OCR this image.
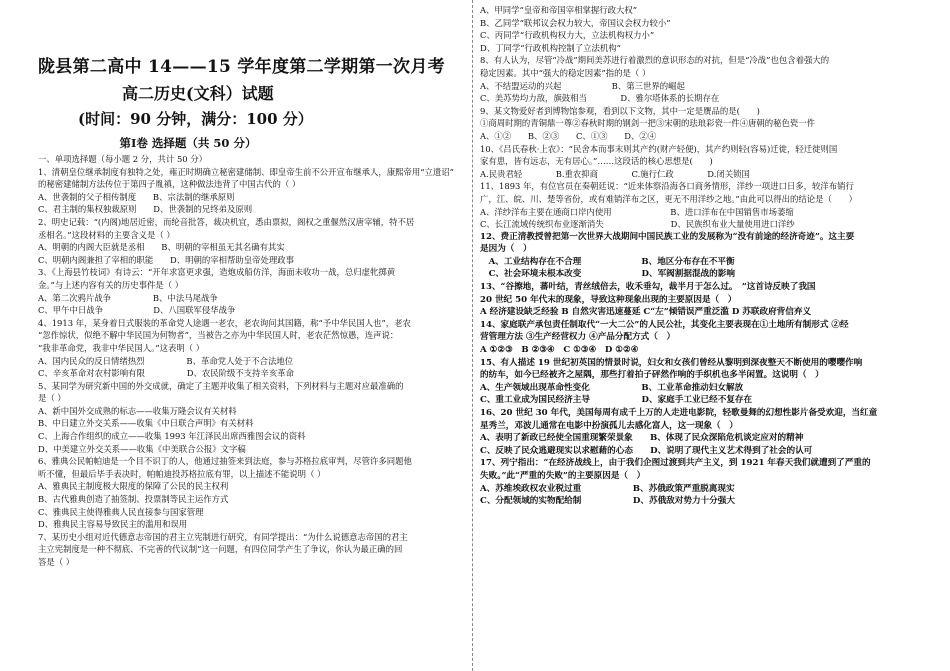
陇县第二高中 14——15 学年度第二学期第一次月考
高二历史(文科）试题
(时间：90 分钟，满分：100 分）
第Ⅰ卷 选择题（共 50 分）
一、单项选择题（每小题 2 分，共计 50 分）
1、清朝皇位继承制度有独特之处，雍正时期确立秘密建储制、即皇帝生前不公开宣布继承人，康熙帝用“立遗诏”
的秘密建储制方法传位于第四子胤禛，这种做法违背了中国古代的（ ）
A、世袭制的父子相传制度　　B、宗法制的继承原则
C、君主制的集权独裁原则　　D、世袭制的兄终弟及原则
2、明史记载：“(内阁)地居近密，而纶音批答，裁决机宜，悉由票拟，阁权之重偃然汉唐宰辅，特不居
丞相名。”这段材料的主要含义是（ ）
A、明朝的内阁大臣就是丞相　　B、明朝的宰相虽无其名确有其实
C、明朝内阁兼担了宰相的职能　　D、明朝的宰相帮助皇帝处理政事
3、《上海县竹枝词》有诗云：“开年求富更求强，造炮成船仿洋，海面未收功一战，总归虚牝掷黄
金。”与上述内容有关的历史事件是（ ）
A、第二次鸦片战争　　　　　B、中法马尾战争
C、甲午中日战争　　　　　　D、八国联军侵华战争
4、1913 年，某身着日式服装的革命党人途遇一老农，老农询问其国籍，称“予中华民国人也”，老农
“忽作惊状，似绝不解中华民国为何物者”，当被告之亦为中华民国人时，老农茫然惊愚，连声说：
“我非革命党，我非中华民国人。”这表明（ ）
A、国内民众的反日情绪热烈　　　　　B、革命党人处于不合法地位
C、辛亥革命对农村影响有限　　　　　D、农民阶级不支持辛亥革命
5、某同学为研究新中国的外交成就，确定了主题并收集了相关资料，下列材料与主题对应最准确的
是（ ）
A、新中国外交成熟的标志——收集万隆会议有关材料
B、中日建立外交关系——收集《中日联合声明》有关材料
C、上海合作组织的成立——收集 1993 年江泽民出席西雅图会议的资料
D、中美建立外交关系——收集《中美联合公报》文字稿
6、雅典公民帕帕迪是一个目不识丁的人，他通过抽签来到法庭，参与苏格拉底审判，尽管许多同题他
听不懂，但最后毕手表决时，帕帕迪投苏格拉底有罪，以上描述不能说明（ ）
A、雅典民主制度极大限度的保障了公民的民主权利
B、古代雅典创造了抽签制、投票制等民主运作方式
C、雅典民主使得雅典人民直接参与国家管理
D、雅典民主容易导致民主的滥用和误用
7、某历史小组对近代德意志帝国的君主立宪制进行研究，有同学提出：“为什么说德意志帝国的君主
主立宪制度是一种不彻底、不完善的代议制”这一问题，有四位同学产生了争议，你认为最正确的回
答是（ ）
A、甲同学“皇帝和帝国宰相掌握行政大权”
B、乙同学“联邦议会权力较大，帝国议会权力较小”
C、丙同学“行政机构权力大，立法机构权力小”
D、丁同学“行政机构控制了立法机构”
8、有人认为，尽管“冷战”期间美苏进行着激烈的意识形态的对抗，但是“冷战”也包含着强大的
稳定因素。其中“强大的稳定因素”指的是（ ）
A、不结盟运动的兴起　　　　　　B、第三世界的崛起
C、美苏势均力敌，旗鼓相当　　　　D、雅尔塔体系的长期存在
9、某文物爱好者到博物馆参观，看到以下文物，其中一定是赝品的是(　　)
①商周时期的青铜鼎一尊②春秋时期的钢剑一把③宋朝的珐琅彩瓷一件④唐朝的秘色瓷一件
A、①②　　B、②③　　C、①③　　D、②④
10、《吕氏春秋·上农》：“民舍本而事末则其产约(财产轻便)，其产约则轻(容易)迁徙，轻迁徙则国
家有患，皆有远志，无有居心。”……这段话的核心思想是(　　)
A.民贵君轻　　　　B.重农抑商　　　　C.施行仁政　　　　D.闭关锁国
11、1893 年，有位官员在奏朝廷说：“近来体察沿海各口商务情形，洋纱一项进口日多，较洋布销行
广，江、皖、川、楚等省份，或有难销洋布之区，更无不用洋纱之地。”由此可以得出的结论是（　　）
A、洋纱洋布主要在通商口岸内使用　　　　　　　B、进口洋布在中国销售市场萎缩
C、长江流域传统织布业逐渐消失　　　　　　　　D、民族织布业大量使用进口洋纱
12、费正清教授曾把第一次世界大战期间中国民族工业的发展称为“没有前途的经济奇迹”。这主要
是因为（　）
　A、工业结构存在不合理　　　　　　　B、地区分布存在不平衡
　C、社会环境未根本改变　　　　　　　D、军阀割据混战的影响
13、“谷擦地，蕃叶结，青丝绒倍去，收禾垂勾，裁半月于怎么过。　”这首诗反映了我国
20 世纪 50 年代末的现象，导致这种现象出现的主要原因是（　）
A 经济建设缺乏经验 B 自然灾害迅速蔓延 C“左”倾错误严重泛滥 D 苏联政府背信弃义
14、家庭联产承包责任制取代“一大二公”的人民公社，其变化主要表现在①土地所有制形式 ②经
营管理方法 ③生产经营权力 ④产品分配方式（　）
A ①②③　B ②③④　C ①③④　D ①②④
15、有人描述 19 世纪初英国的情景时说，妇女和女孩们曾经从黎明到深夜整天不断使用的嘤嘤作响
的纺车，如今已经被齐之屋隅，那些打着拍子砰然作响的手织机也多半闲置。这说明（　）
A、生产领域出现革命性变化　　　　　　B、工业革命推动妇女解放
C、重工业成为国民经济主导　　　　　　D、家庭手工业已经不复存在
16、20 世纪 30 年代，美国每周有成千上万的人走进电影院，轻歌曼舞的幻想性影片备受欢迎，当红童
星秀兰，邓波儿通常在电影中扮演孤儿去感化富人，这一现象（　）
A、表明了新政已经使全国重现繁荣景象　　B、体现了民众深陷危机谈定应对的精神
C、反映了民众逃避现实以求慰藉的心态　　D、说明了现代主义艺术得到了社会的认可
17、列宁指出：“在经济战线上，由于我们企图过渡到共产主义，到 1921 年春天我们就遭到了严重的
失败。”此“严重的失败”的主要原因是（　）
A、苏维埃政权农业税过重　　　　　　B、苏俄政策严重脱离现实
C、分配领域的实物配给制　　　　　　D、苏俄敌对势力十分强大
